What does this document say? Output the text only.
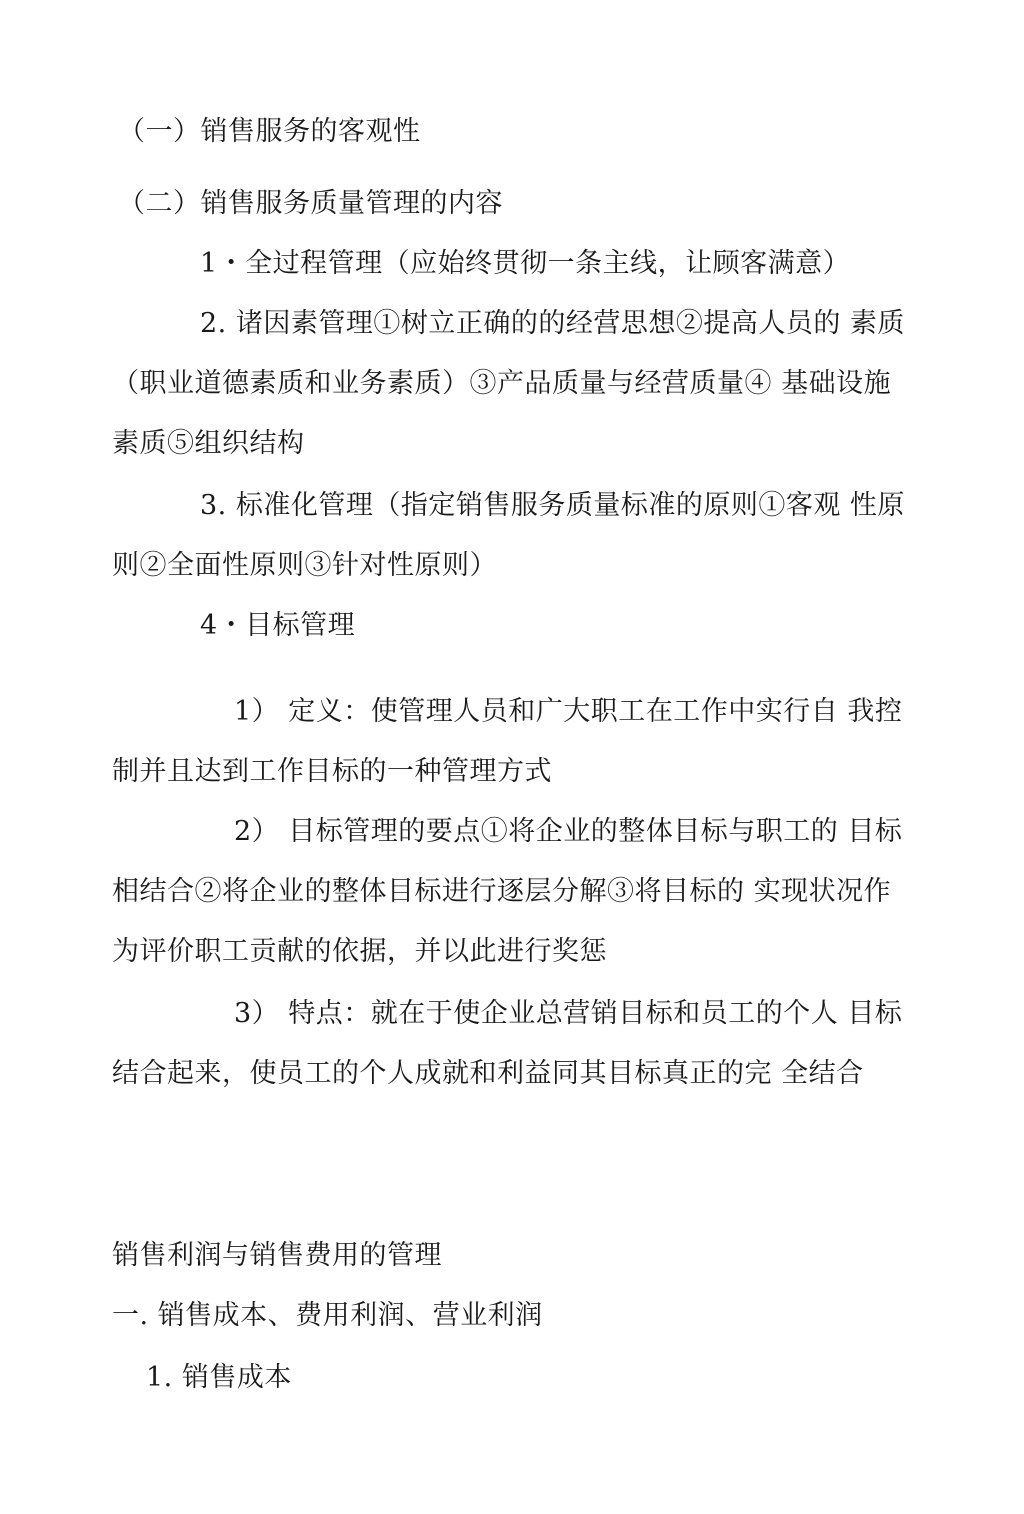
（一）销售服务的客观性

（二）销售服务质量管理的内容

1・全过程管理（应始终贯彻一条主线，让顾客满意）

2. 诸因素管理①树立正确的的经营思想②提高人员的 素质

（职业道德素质和业务素质）③产品质量与经营质量④ 基础设施

素质⑤组织结构

3. 标准化管理（指定销售服务质量标准的原则①客观 性原

则②全面性原则③针对性原则）

4・目标管理

1） 定义：使管理人员和广大职工在工作中实行自 我控

制并且达到工作目标的一种管理方式

2） 目标管理的要点①将企业的整体目标与职工的 目标

相结合②将企业的整体目标进行逐层分解③将目标的 实现状况作

为评价职工贡献的依据，并以此进行奖惩

3） 特点：就在于使企业总营销目标和员工的个人 目标

结合起来，使员工的个人成就和利益同其目标真正的完 全结合

销售利润与销售费用的管理

一. 销售成本、费用利润、营业利润

1. 销售成本
